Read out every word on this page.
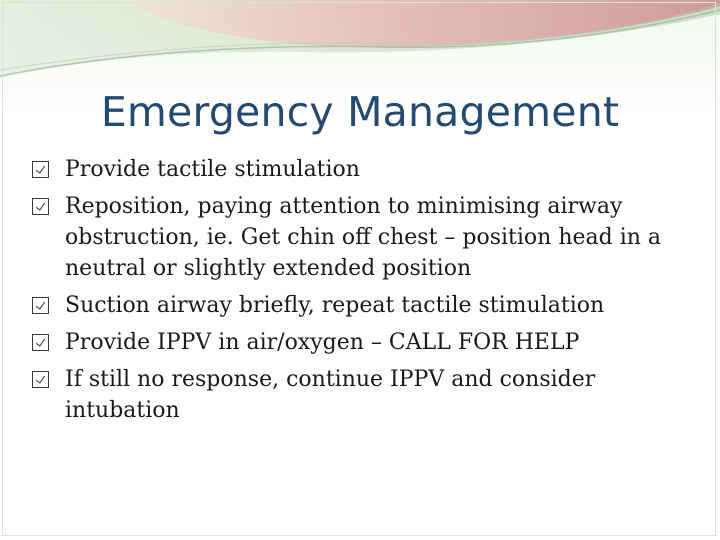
Emergency Management
Provide tactile stimulation
Reposition, paying attention to minimising airway obstruction, ie. Get chin off chest – position head in a neutral or slightly extended position
Suction airway briefly, repeat tactile stimulation
Provide IPPV in air/oxygen – CALL FOR HELP
If still no response, continue IPPV and consider intubation
